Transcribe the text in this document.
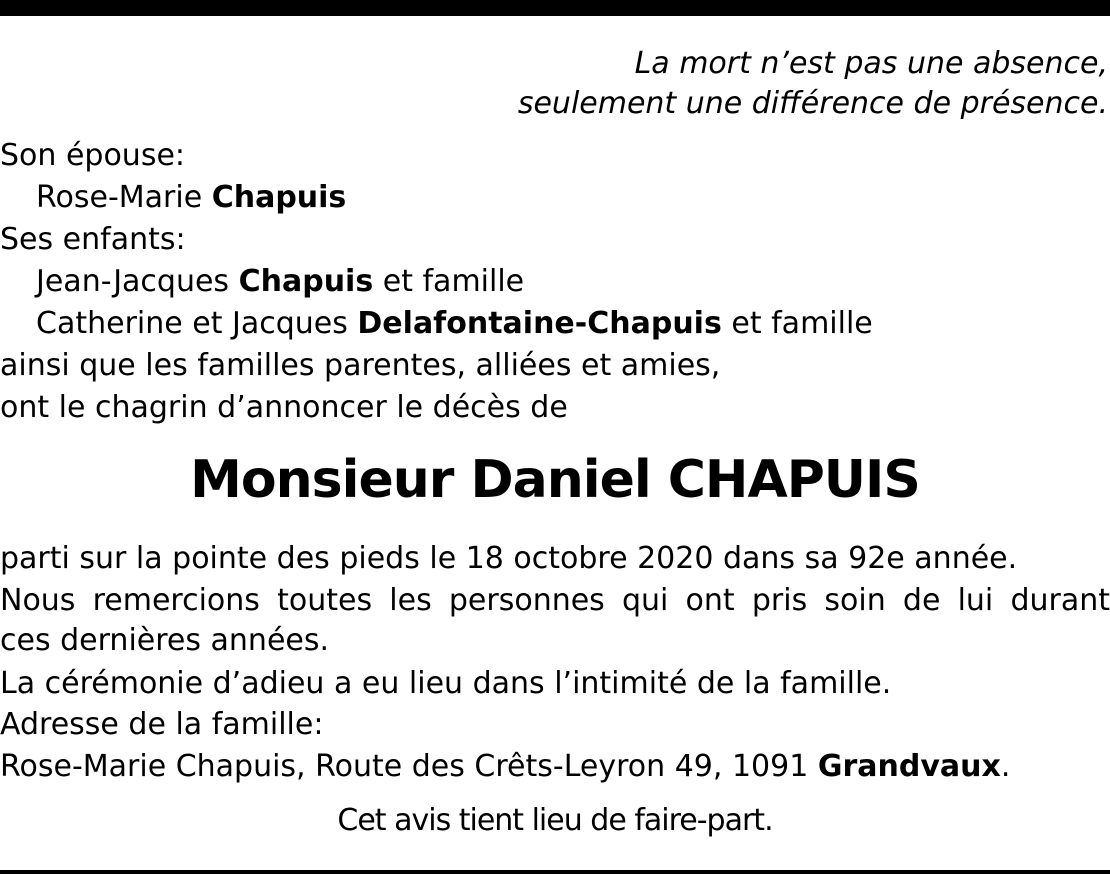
La mort n’est pas une absence,
seulement une différence de présence.
Son épouse:
Rose-Marie Chapuis
Ses enfants:
Jean-Jacques Chapuis et famille
Catherine et Jacques Delafontaine-Chapuis et famille
ainsi que les familles parentes, alliées et amies,
ont le chagrin d’annoncer le décès de
Monsieur Daniel CHAPUIS
parti sur la pointe des pieds le 18 octobre 2020 dans sa 92e année.
Nous remercions toutes les personnes qui ont pris soin de lui durant
ces dernières années.
La cérémonie d’adieu a eu lieu dans l’intimité de la famille.
Adresse de la famille:
Rose-Marie Chapuis, Route des Crêts-Leyron 49, 1091 Grandvaux.
Cet avis tient lieu de faire-part.
